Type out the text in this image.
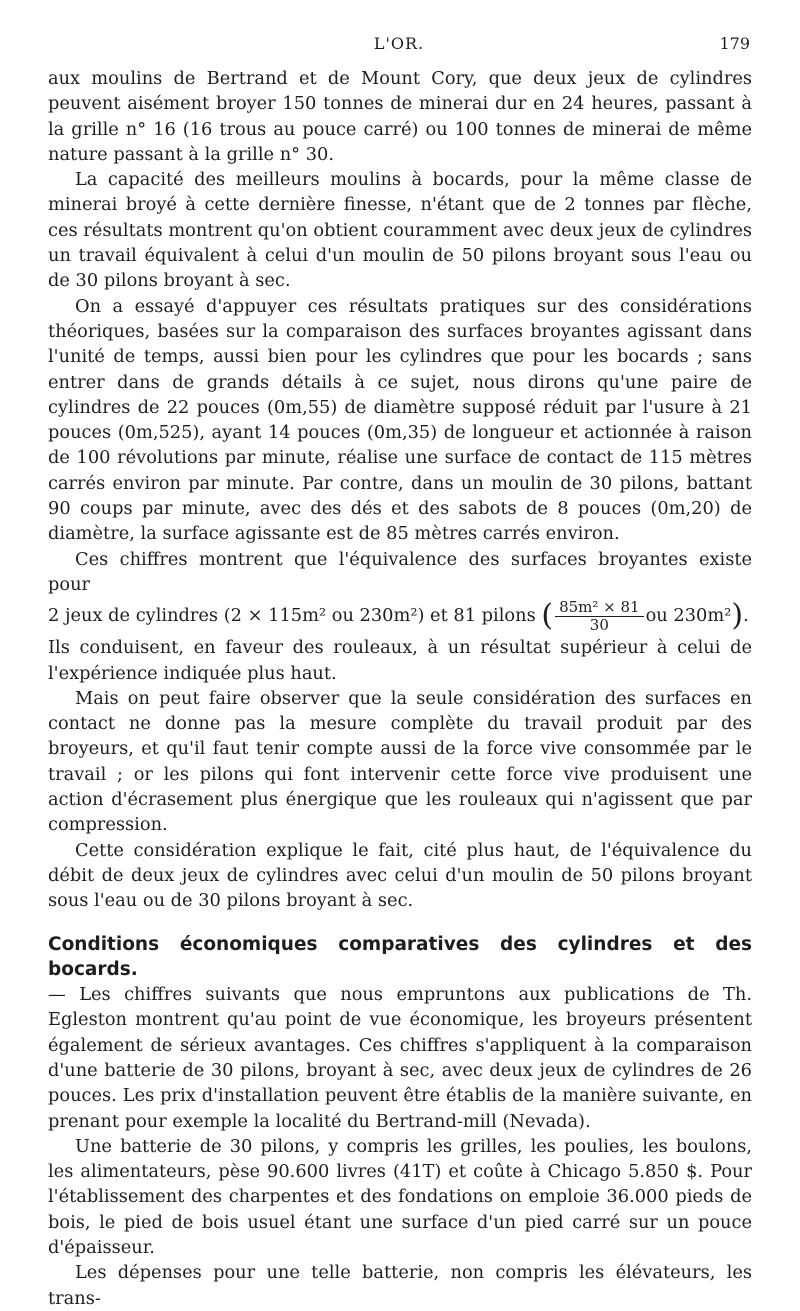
L'OR.	179

aux moulins de Bertrand et de Mount Cory, que deux jeux de cylindres peuvent aisément broyer 150 tonnes de minerai dur en 24 heures, passant à la grille n° 16 (16 trous au pouce carré) ou 100 tonnes de minerai de même nature passant à la grille n° 30.

La capacité des meilleurs moulins à bocards, pour la même classe de minerai broyé à cette dernière finesse, n'étant que de 2 tonnes par flèche, ces résultats montrent qu'on obtient couramment avec deux jeux de cylindres un travail équivalent à celui d'un moulin de 50 pilons broyant sous l'eau ou de 30 pilons broyant à sec.

On a essayé d'appuyer ces résultats pratiques sur des considérations théoriques, basées sur la comparaison des surfaces broyantes agissant dans l'unité de temps, aussi bien pour les cylindres que pour les bocards ; sans entrer dans de grands détails à ce sujet, nous dirons qu'une paire de cylindres de 22 pouces (0m,55) de diamètre supposé réduit par l'usure à 21 pouces (0m,525), ayant 14 pouces (0m,35) de longueur et actionnée à raison de 100 révolutions par minute, réalise une surface de contact de 115 mètres carrés environ par minute. Par contre, dans un moulin de 30 pilons, battant 90 coups par minute, avec des dés et des sabots de 8 pouces (0m,20) de diamètre, la surface agissante est de 85 mètres carrés environ.

Ces chiffres montrent que l'équivalence des surfaces broyantes existe pour

2 jeux de cylindres (2 × 115m² ou 230m²) et 81 pilons ( $\frac{\text{85m² × 81}}{30}$ ou 230m²).

Ils conduisent, en faveur des rouleaux, à un résultat supérieur à celui de l'expérience indiquée plus haut.

Mais on peut faire observer que la seule considération des surfaces en contact ne donne pas la mesure complète du travail produit par des broyeurs, et qu'il faut tenir compte aussi de la force vive consommée par le travail ; or les pilons qui font intervenir cette force vive produisent une action d'écrasement plus énergique que les rouleaux qui n'agissent que par compression.

Cette considération explique le fait, cité plus haut, de l'équivalence du débit de deux jeux de cylindres avec celui d'un moulin de 50 pilons broyant sous l'eau ou de 30 pilons broyant à sec.

Conditions économiques comparatives des cylindres et des bocards.

— Les chiffres suivants que nous empruntons aux publications de Th. Egleston montrent qu'au point de vue économique, les broyeurs présentent également de sérieux avantages. Ces chiffres s'appliquent à la comparaison d'une batterie de 30 pilons, broyant à sec, avec deux jeux de cylindres de 26 pouces. Les prix d'installation peuvent être établis de la manière suivante, en prenant pour exemple la localité du Bertrand-mill (Nevada).

Une batterie de 30 pilons, y compris les grilles, les poulies, les boulons, les alimentateurs, pèse 90.600 livres (41T) et coûte à Chicago 5.850 $. Pour l'établissement des charpentes et des fondations on emploie 36.000 pieds de bois, le pied de bois usuel étant une surface d'un pied carré sur un pouce d'épaisseur.

Les dépenses pour une telle batterie, non compris les élévateurs, les trans-
